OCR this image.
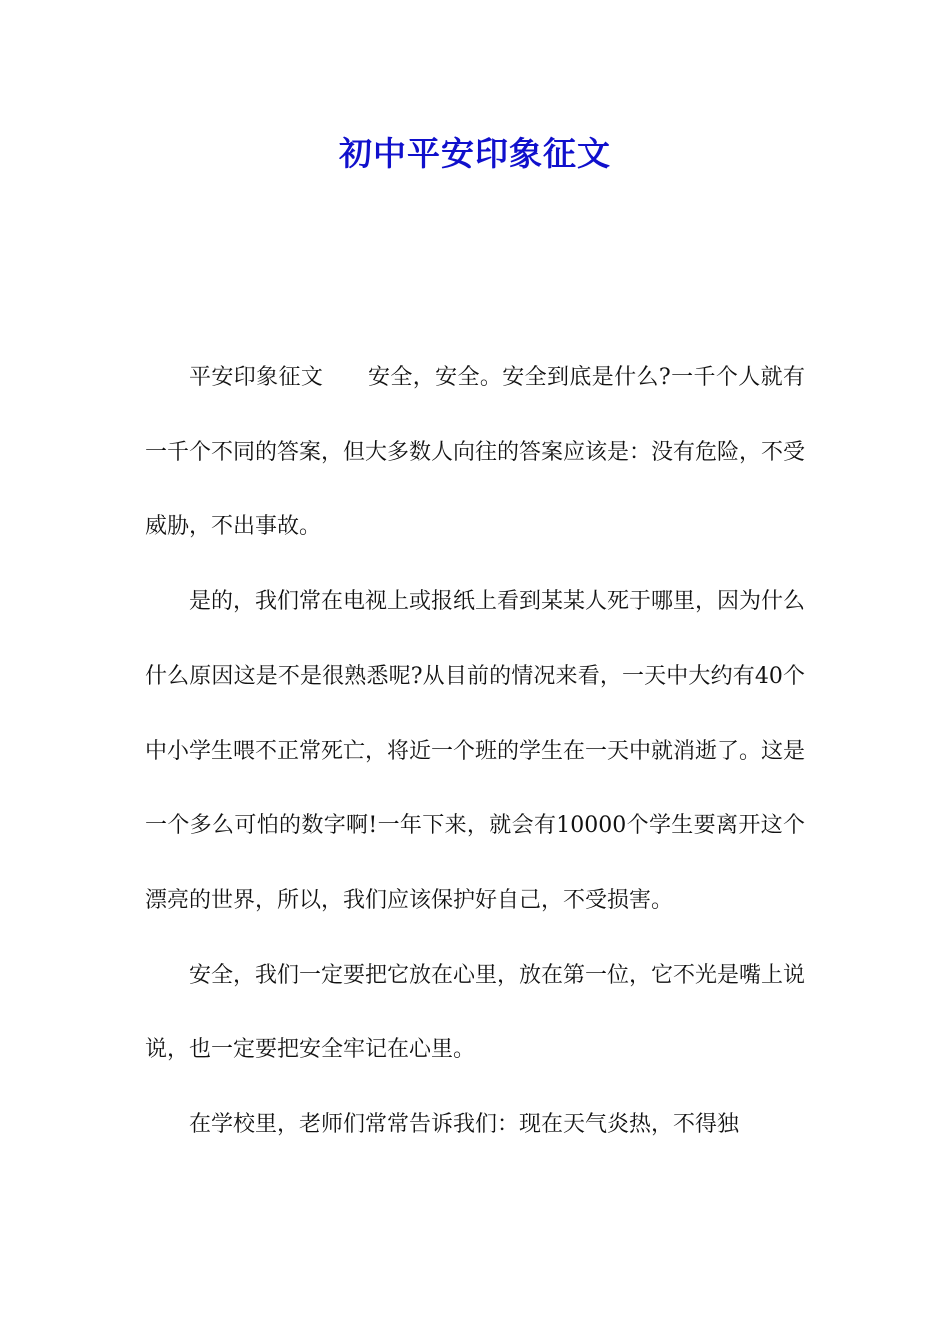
初中平安印象征文

平安印象征文　　安全，安全。安全到底是什么?一千个人就有一千个不同的答案，但大多数人向往的答案应该是：没有危险，不受威胁，不出事故。

是的，我们常在电视上或报纸上看到某某人死于哪里，因为什么什么原因这是不是很熟悉呢?从目前的情况来看，一天中大约有40个中小学生喂不正常死亡，将近一个班的学生在一天中就消逝了。这是一个多么可怕的数字啊!一年下来，就会有10000个学生要离开这个漂亮的世界，所以，我们应该保护好自己，不受损害。

安全，我们一定要把它放在心里，放在第一位，它不光是嘴上说说，也一定要把安全牢记在心里。

在学校里，老师们常常告诉我们：现在天气炎热，不得独
